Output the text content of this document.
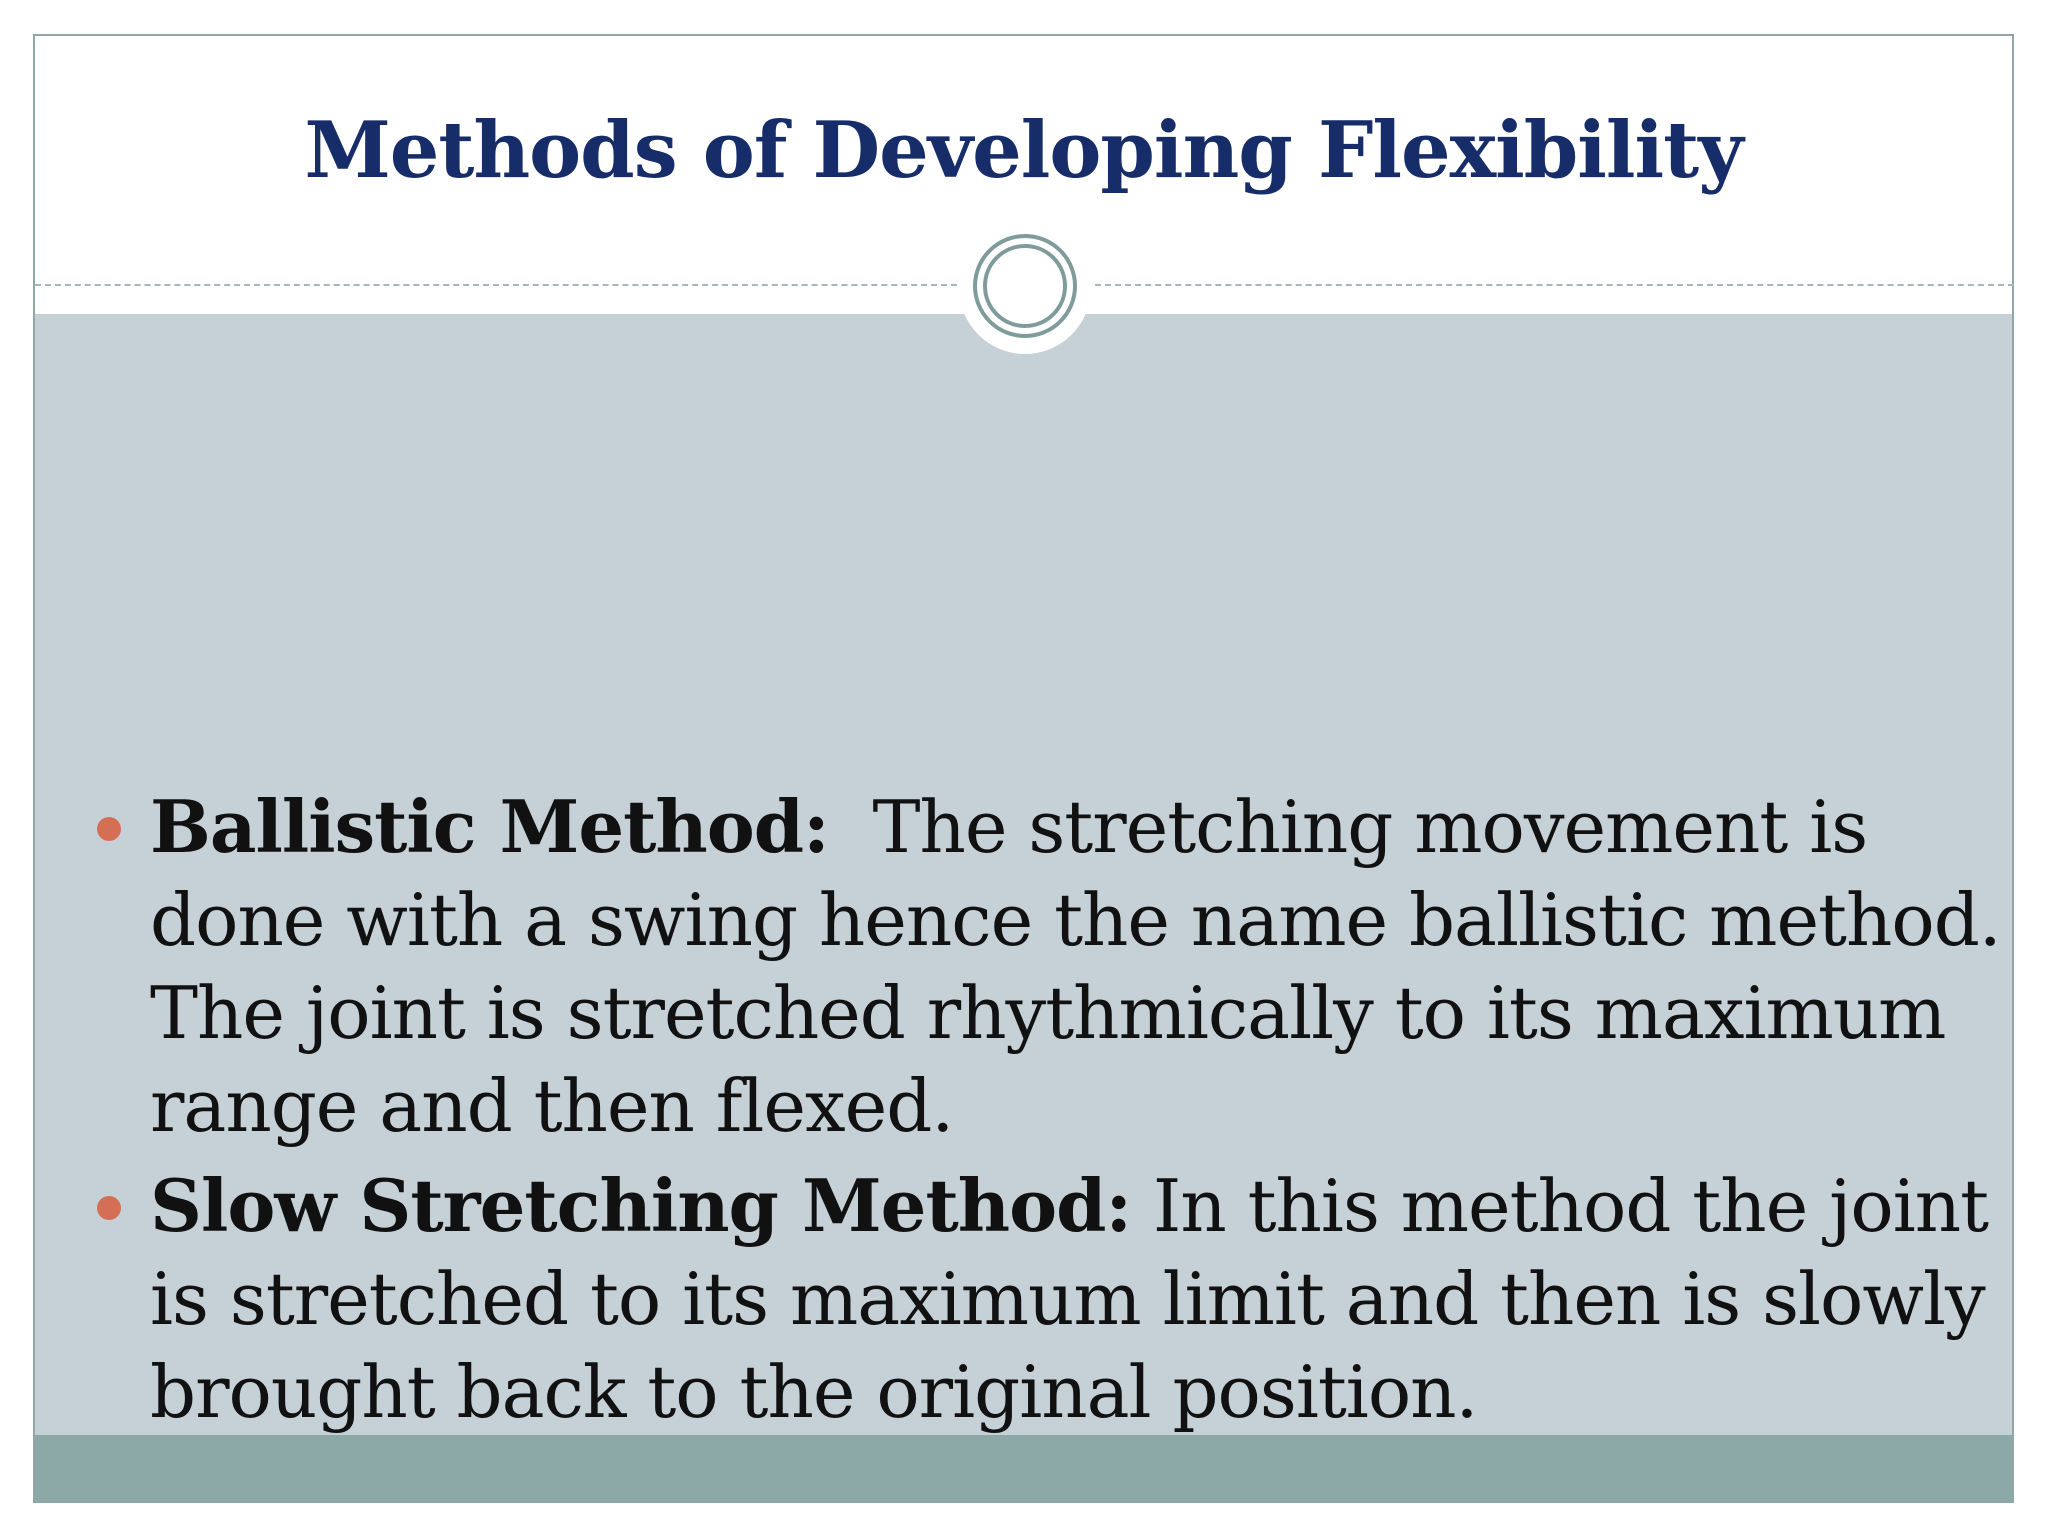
Methods of Developing Flexibility
Ballistic Method:  The stretching movement is done with a swing hence the name ballistic method. The joint is stretched rhythmically to its maximum range and then flexed.
Slow Stretching Method: In this method the joint is stretched to its maximum limit and then is slowly brought back to the original position.
